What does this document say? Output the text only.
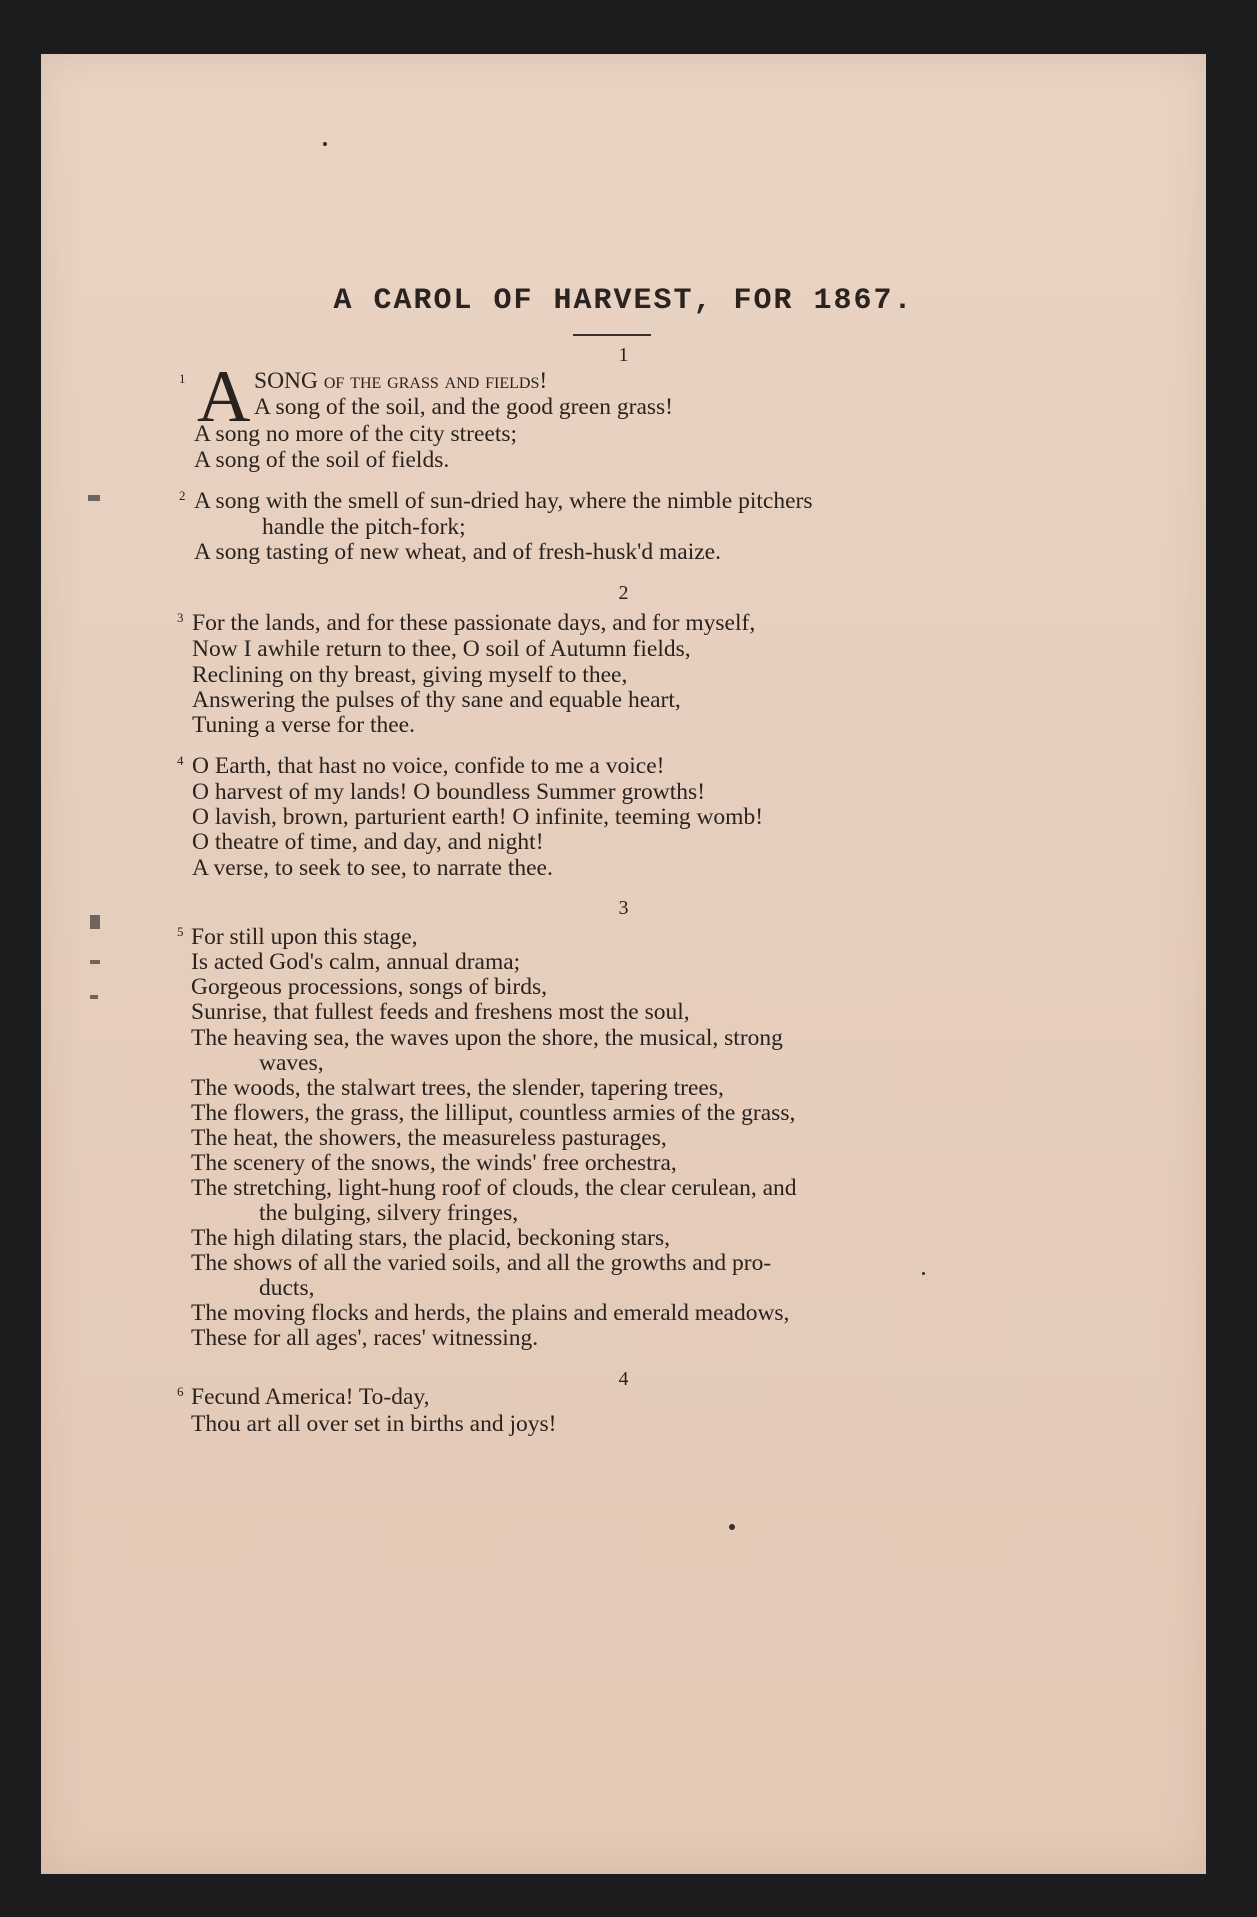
A CAROL OF HARVEST, FOR 1867.
1
1 A SONG of the grass and fields!
A song of the soil, and the good green grass!
A song no more of the city streets;
A song of the soil of fields.
2 A song with the smell of sun-dried hay, where the nimble pitchers
handle the pitch-fork;
A song tasting of new wheat, and of fresh-husk'd maize.
2
3 For the lands, and for these passionate days, and for myself,
Now I awhile return to thee, O soil of Autumn fields,
Reclining on thy breast, giving myself to thee,
Answering the pulses of thy sane and equable heart,
Tuning a verse for thee.
4 O Earth, that hast no voice, confide to me a voice!
O harvest of my lands! O boundless Summer growths!
O lavish, brown, parturient earth! O infinite, teeming womb!
O theatre of time, and day, and night!
A verse, to seek to see, to narrate thee.
3
5 For still upon this stage,
Is acted God's calm, annual drama;
Gorgeous processions, songs of birds,
Sunrise, that fullest feeds and freshens most the soul,
The heaving sea, the waves upon the shore, the musical, strong
waves,
The woods, the stalwart trees, the slender, tapering trees,
The flowers, the grass, the lilliput, countless armies of the grass,
The heat, the showers, the measureless pasturages,
The scenery of the snows, the winds' free orchestra,
The stretching, light-hung roof of clouds, the clear cerulean, and
the bulging, silvery fringes,
The high dilating stars, the placid, beckoning stars,
The shows of all the varied soils, and all the growths and pro-
ducts,
The moving flocks and herds, the plains and emerald meadows,
These for all ages', races' witnessing.
4
6 Fecund America! To-day,
Thou art all over set in births and joys!
